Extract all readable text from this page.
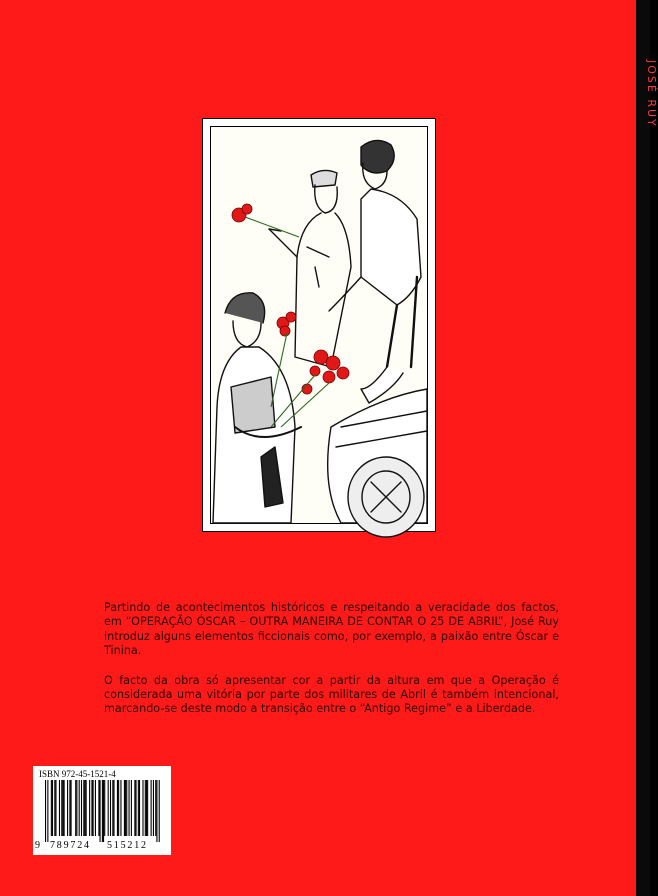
Partindo de acontecimentos históricos e respeitando a veracidade dos factos, em “OPERAÇÃO ÓSCAR – OUTRA MANEIRA DE CONTAR O 25 DE ABRIL”, José Ruy introduz alguns elementos ficcionais como, por exemplo, a paixão entre Óscar e Tinina.

O facto da obra só apresentar cor a partir da altura em que a Operação é considerada uma vitória por parte dos militares de Abril é também intencional, marcando-se deste modo a transição entre o “Antigo Regime” e a Liberdade.

ISBN 972-45-1521-4
9 789724 515212
JOSÉ RUY
